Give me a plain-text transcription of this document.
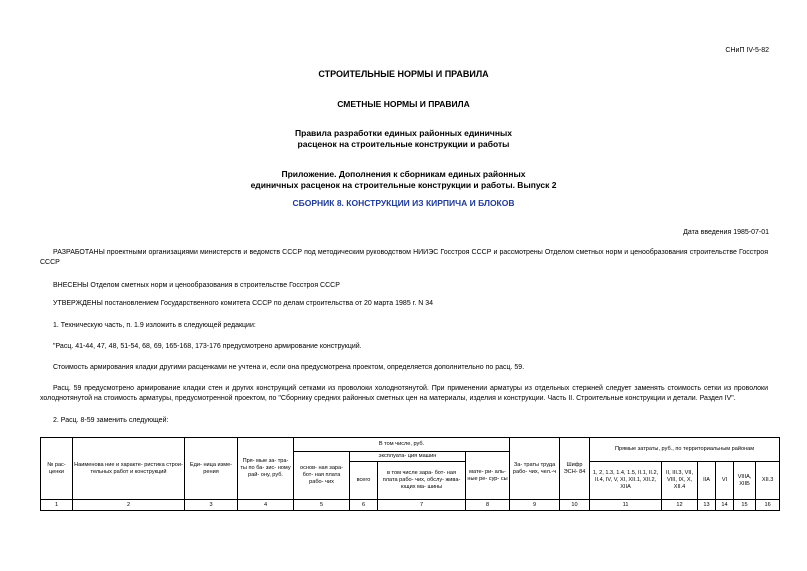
СНиП IV-5-82
СТРОИТЕЛЬНЫЕ НОРМЫ И ПРАВИЛА
СМЕТНЫЕ НОРМЫ И ПРАВИЛА
Правила разработки единых районных единичных
расценок на строительные конструкции и работы
Приложение. Дополнения к сборникам единых районных
единичных расценок на строительные конструкции и работы. Выпуск 2
СБОРНИК 8. КОНСТРУКЦИИ ИЗ КИРПИЧА И БЛОКОВ
Дата введения 1985-07-01
РАЗРАБОТАНЫ проектными организациями министерств и ведомств СССР под методическим руководством НИИЭС Госстроя СССР и рассмотрены Отделом сметных норм и ценообразования строительстве Госстроя СССР
ВНЕСЕНЫ Отделом сметных норм и ценообразования в строительстве Госстроя СССР
УТВЕРЖДЕНЫ постановлением Государственного комитета СССР по делам строительства от 20 марта 1985 г. N 34
1. Техническую часть, п. 1.9 изложить в следующей редакции:
"Расц. 41-44, 47, 48, 51-54, 68, 69, 165-168, 173-176 предусмотрено армирование конструкций.
Стоимость армирования кладки другими расценками не учтена и, если она предусмотрена проектом, определяется дополнительно по расц. 59.
Расц. 59 предусмотрено армирование кладки стен и других конструкций сетками из проволоки холоднотянутой. При применении арматуры из отдельных стержней следует заменять стоимость сетки из проволоки холоднотянутой на стоимость арматуры, предусмотренной проектом, по "Сборнику средних районных сметных цен на материалы, изделия и конструкции. Часть II. Строительные конструкции и детали. Раздел IV".
2. Расц. 8-59 заменить следующей:
№ рас- ценки	Наименова ние и характе- ристика строи- тельных работ и конструкций	Еди- ница изме- рения	Пря- мые за- тра- ты по ба- зис- ному рай- ону, руб.	В том числе, руб.				За- траты труда рабо- чих, чел.-ч	Шифр ЭСН- 84	Прямые затраты, руб., по территориальным районам					
				основ- ная зара- бот- ная плата рабо- чих	эксплуата- ция машин		мате- ри- аль- ные ре- сур- сы								
					всего	в том числе зара- бот- ная плата рабо- чих, обслу- жива- ющих ма- шины				1, 2, 1.3, 1.4, 1.5, II.1, II.2, II.4, IV, V, XI, XII.1, XII.2, XIIA	II, III.3, VII, VIII, IX, X, XII.4	IIA	VI	VIIIA, XIIБ	XII.3
1	2	3	4	5	6	7	8	9	10	11	12	13	14	15	16
